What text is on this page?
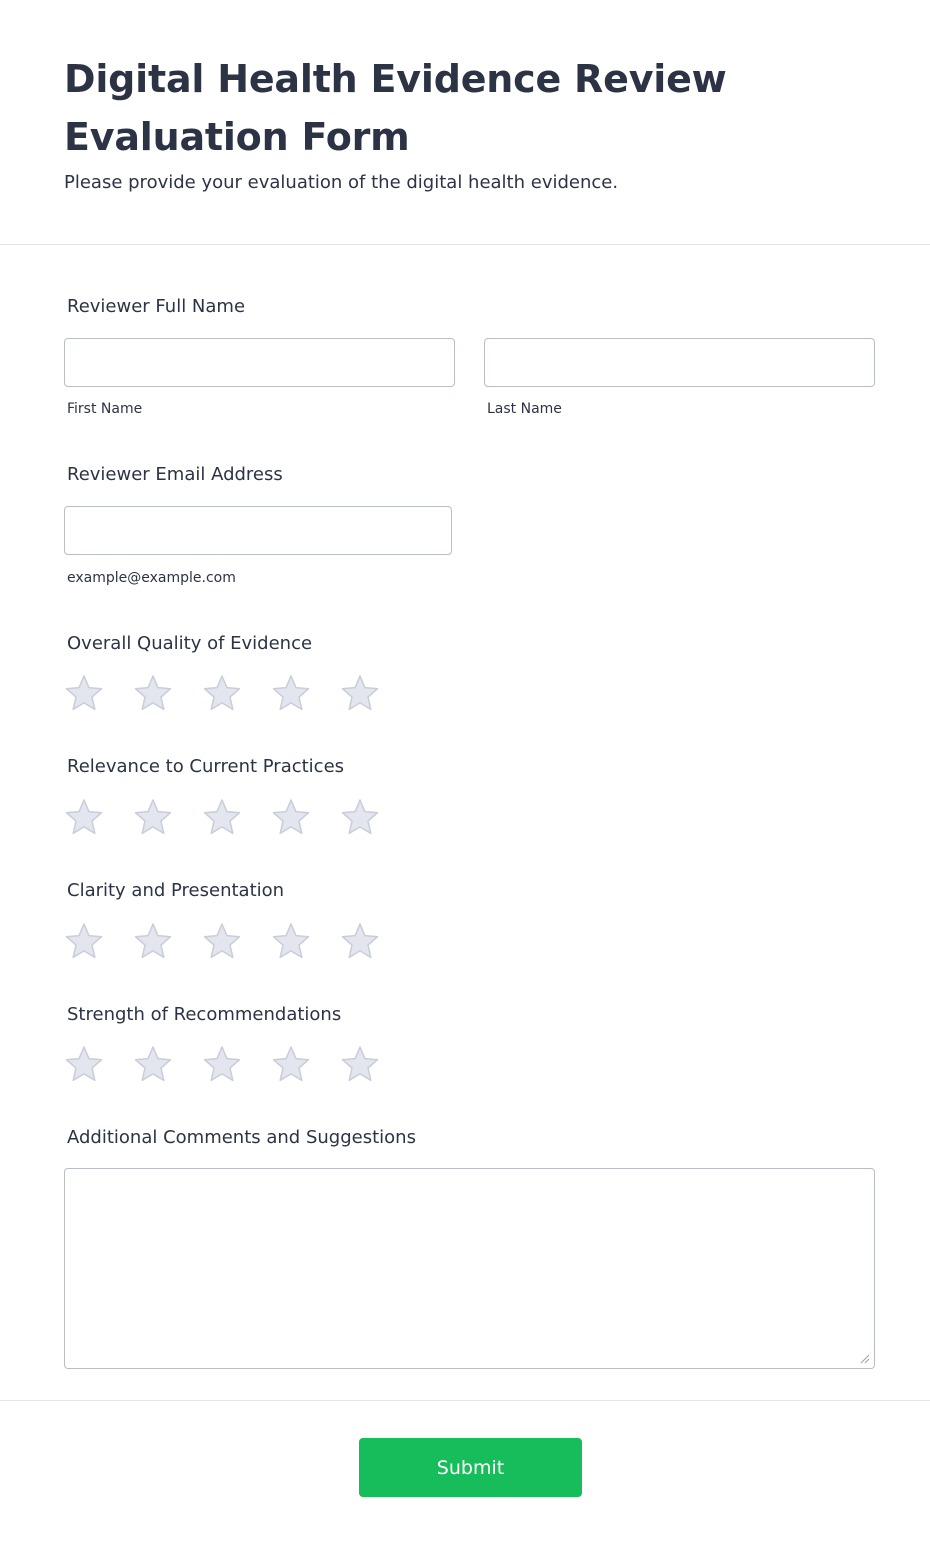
Digital Health Evidence Review Evaluation Form

Please provide your evaluation of the digital health evidence.

Reviewer Full Name
First Name	Last Name
Reviewer Email Address
example@example.com
Overall Quality of Evidence
Relevance to Current Practices
Clarity and Presentation
Strength of Recommendations
Additional Comments and Suggestions
Submit
